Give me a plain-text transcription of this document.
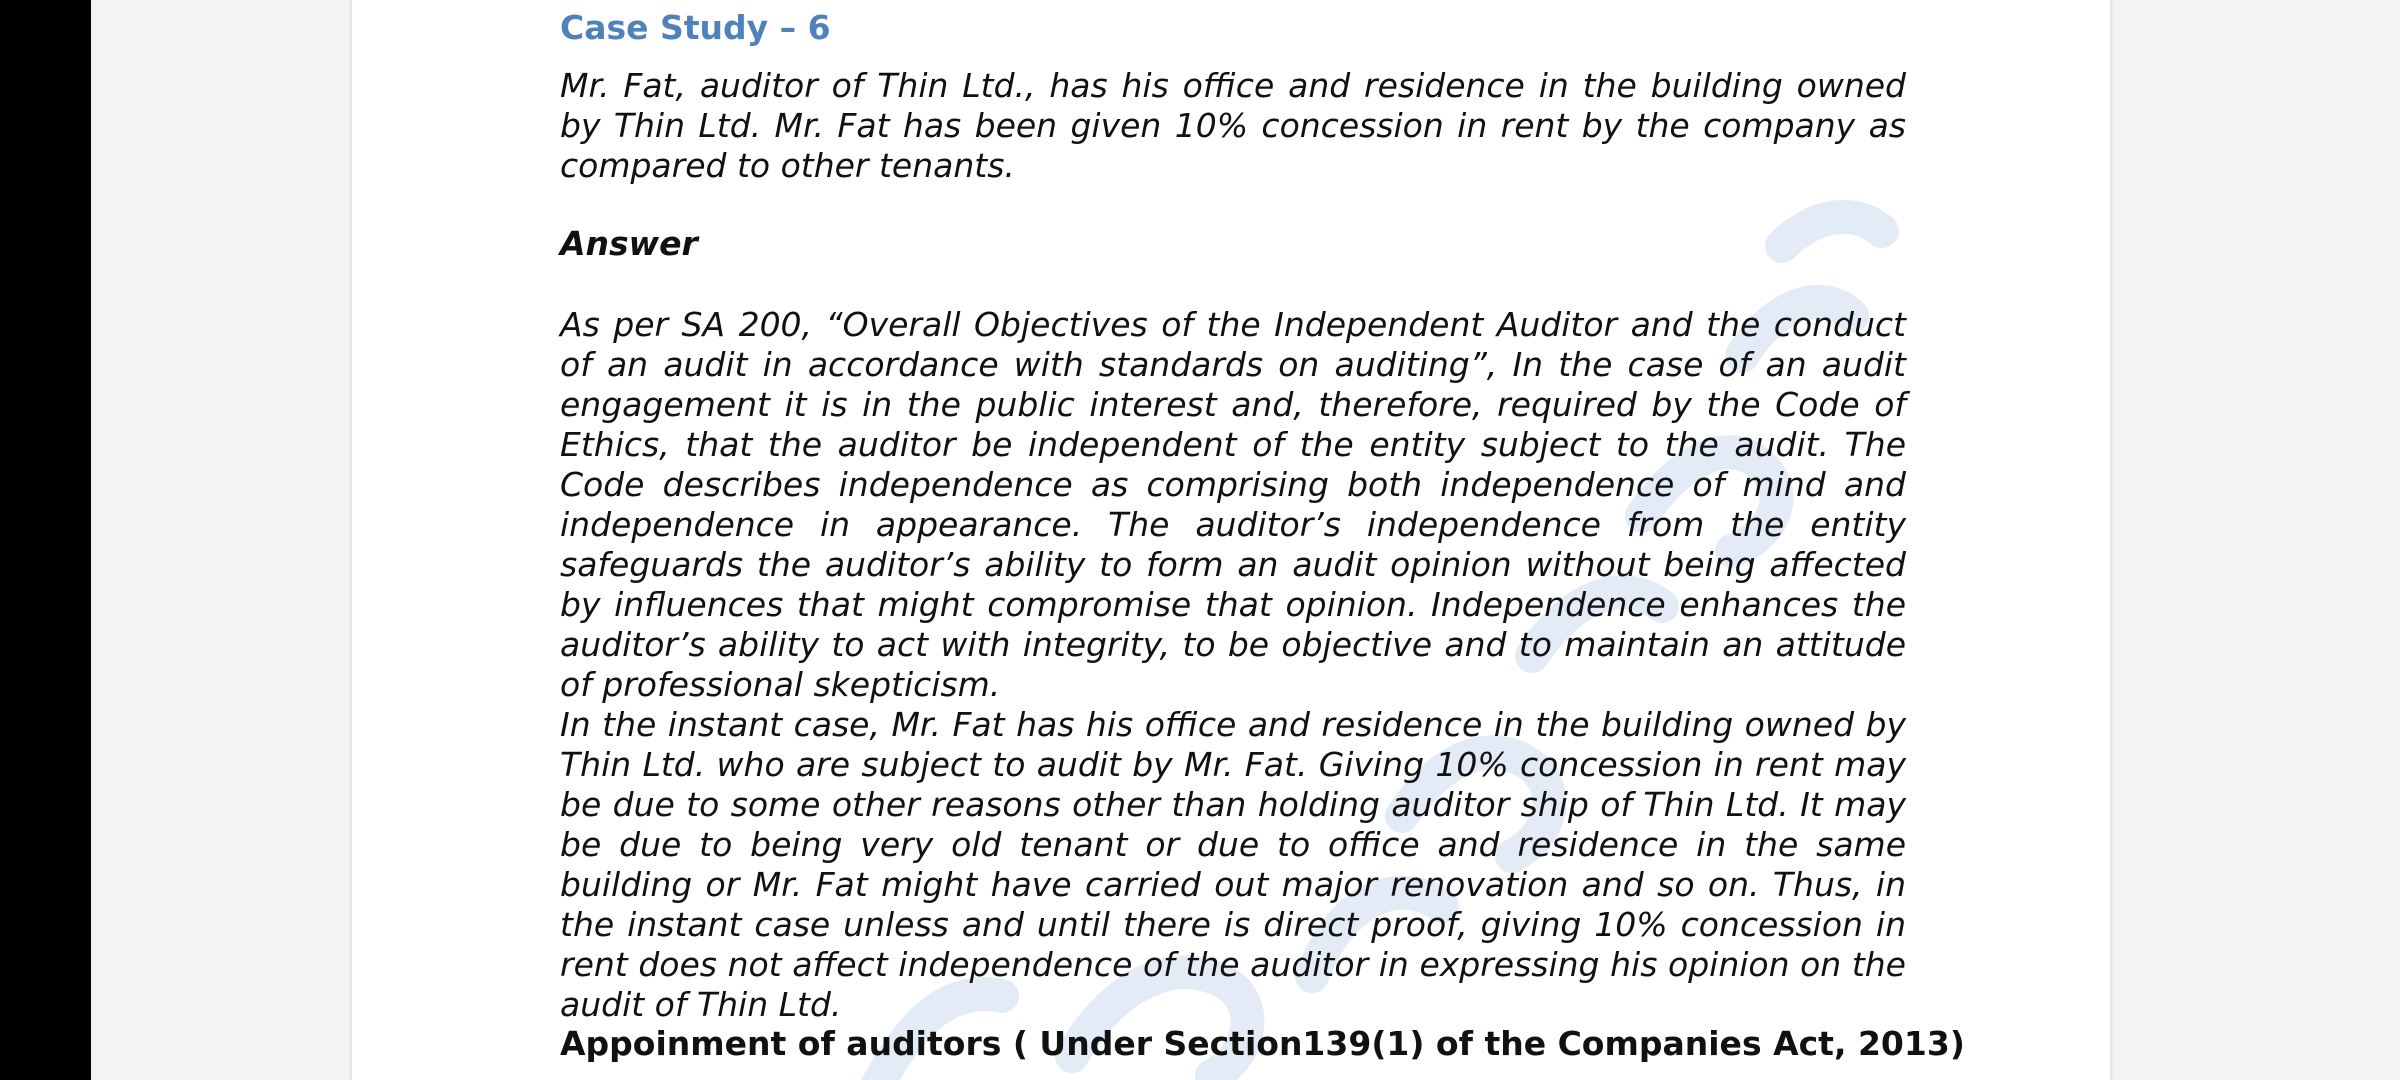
Case Study – 6

Mr. Fat, auditor of Thin Ltd., has his office and residence in the building owned by Thin Ltd. Mr. Fat has been given 10% concession in rent by the company as compared to other tenants.

Answer

As per SA 200, “Overall Objectives of the Independent Auditor and the conduct of an audit in accordance with standards on auditing”, In the case of an audit engagement it is in the public interest and, therefore, required by the Code of Ethics, that the auditor be independent of the entity subject to the audit. The Code describes independence as comprising both independence of mind and independence in appearance. The auditor’s independence from the entity safeguards the auditor’s ability to form an audit opinion without being affected by influences that might compromise that opinion. Independence enhances the auditor’s ability to act with integrity, to be objective and to maintain an attitude of professional skepticism.

In the instant case, Mr. Fat has his office and residence in the building owned by Thin Ltd. who are subject to audit by Mr. Fat. Giving 10% concession in rent may be due to some other reasons other than holding auditor ship of Thin Ltd. It may be due to being very old tenant or due to office and residence in the same building or Mr. Fat might have carried out major renovation and so on. Thus, in the instant case unless and until there is direct proof, giving 10% concession in rent does not affect independence of the auditor in expressing his opinion on the audit of Thin Ltd.

Appoinment of auditors ( Under Section139(1) of the Companies Act, 2013)
